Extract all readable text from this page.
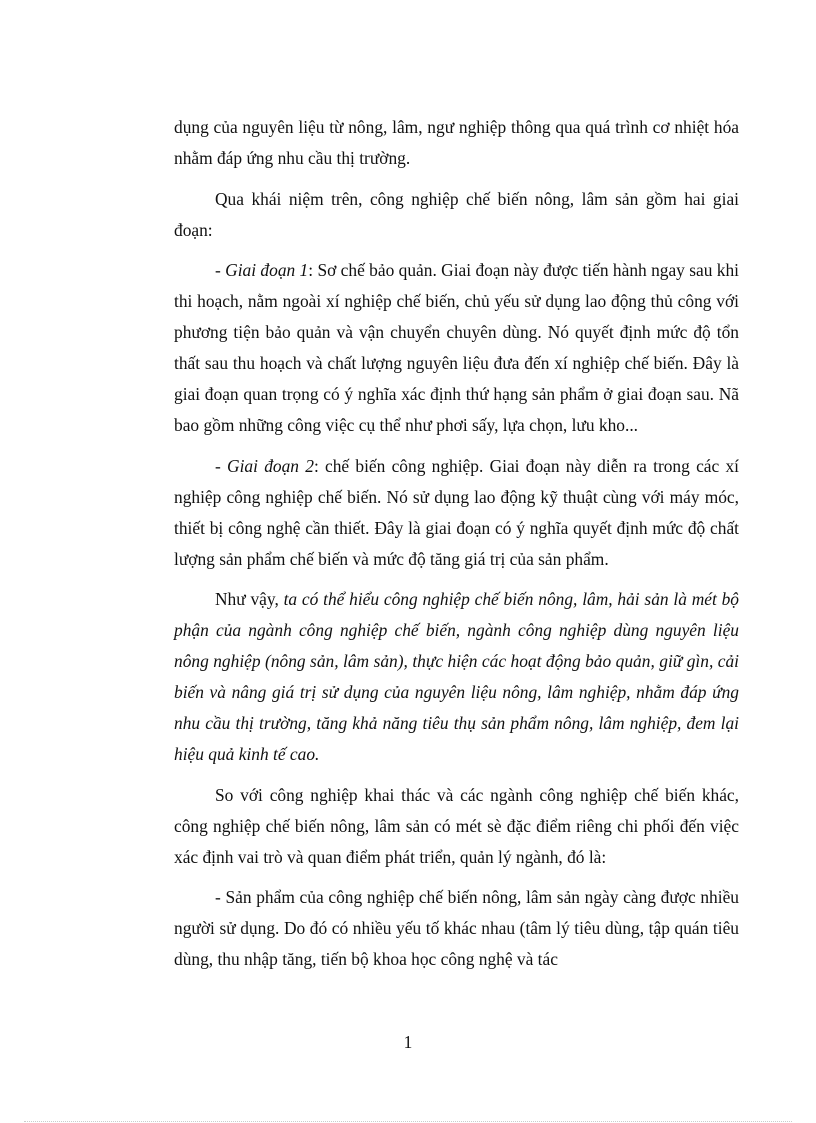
dụng của nguyên liệu từ nông, lâm, ngư nghiệp thông qua quá trình cơ nhiệt hóa nhằm đáp ứng nhu cầu thị trường.

Qua khái niệm trên, công nghiệp chế biến nông, lâm sản gồm hai giai đoạn:

- Giai đoạn 1: Sơ chế bảo quản. Giai đoạn này được tiến hành ngay sau khi thi hoạch, nằm ngoài xí nghiệp chế biến, chủ yếu sử dụng lao động thủ công với phương tiện bảo quản và vận chuyển chuyên dùng. Nó quyết định mức độ tổn thất sau thu hoạch và chất lượng nguyên liệu đưa đến xí nghiệp chế biến. Đây là giai đoạn quan trọng có ý nghĩa xác định thứ hạng sản phẩm ở giai đoạn sau. Nã bao gồm những công việc cụ thể như phơi sấy, lựa chọn, lưu kho...

- Giai đoạn 2: chế biến công nghiệp. Giai đoạn này diễn ra trong các xí nghiệp công nghiệp chế biến. Nó sử dụng lao động kỹ thuật cùng với máy móc, thiết bị công nghệ cần thiết. Đây là giai đoạn có ý nghĩa quyết định mức độ chất lượng sản phẩm chế biến và mức độ tăng giá trị của sản phẩm.

Như vậy, ta có thể hiểu công nghiệp chế biến nông, lâm, hải sản là mét bộ phận của ngành công nghiệp chế biến, ngành công nghiệp dùng nguyên liệu nông nghiệp (nông sản, lâm sản), thực hiện các hoạt động bảo quản, giữ gìn, cải biến và nâng giá trị sử dụng của nguyên liệu nông, lâm nghiệp, nhằm đáp ứng nhu cầu thị trường, tăng khả năng tiêu thụ sản phẩm nông, lâm nghiệp, đem lại hiệu quả kinh tế cao.

So với công nghiệp khai thác và các ngành công nghiệp chế biến khác, công nghiệp chế biến nông, lâm sản có mét sè đặc điểm riêng chi phối đến việc xác định vai trò và quan điểm phát triển, quản lý ngành, đó là:

- Sản phẩm của công nghiệp chế biến nông, lâm sản ngày càng được nhiều người sử dụng. Do đó có nhiều yếu tố khác nhau (tâm lý tiêu dùng, tập quán tiêu dùng, thu nhập tăng, tiến bộ khoa học công nghệ và tác

1
